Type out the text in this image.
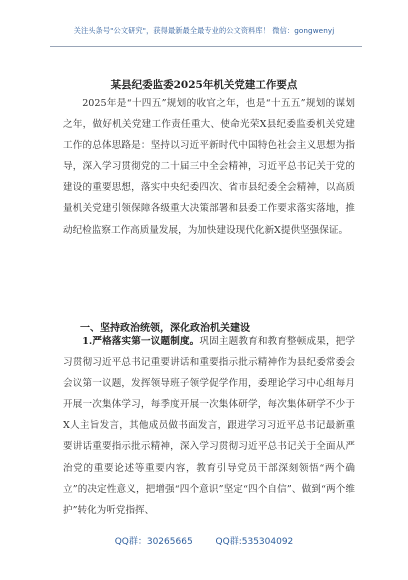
关注头条号"公文研究"，获得最新最全最专业的公文资料库！ 微信：gongwenyj
某县纪委监委2025年机关党建工作要点

2025年是“十四五”规划的收官之年，也是“十五五”规划的谋划之年，做好机关党建工作责任重大、使命光荣X县纪委监委机关党建工作的总体思路是：坚持以习近平新时代中国特色社会主义思想为指导，深入学习贯彻党的二十届三中全会精神，习近平总书记关于党的建设的重要思想，落实中央纪委四次、省市县纪委全会精神，以高质量机关党建引领保障各级重大决策部署和县委工作要求落实落地，推动纪检监察工作高质量发展，为加快建设现代化新X提供坚强保证。

一、坚持政治统领，深化政治机关建设

1.严格落实第一议题制度。巩固主题教育和教育整顿成果，把学习贯彻习近平总书记重要讲话和重要指示批示精神作为县纪委常委会会议第一议题，发挥领导班子领学促学作用，委理论学习中心组每月开展一次集体学习，每季度开展一次集体研学，每次集体研学不少于X人主旨发言，其他成员做书面发言，跟进学习习近平总书记最新重要讲话重要指示批示精神，深入学习贯彻习近平总书记关于全面从严治党的重要论述等重要内容，教育引导党员干部深刻领悟“两个确立”的决定性意义，把增强“四个意识”坚定“四个自信”、做到“两个维护”转化为听党指挥、

QQ群：30265665	QQ群:535304092
